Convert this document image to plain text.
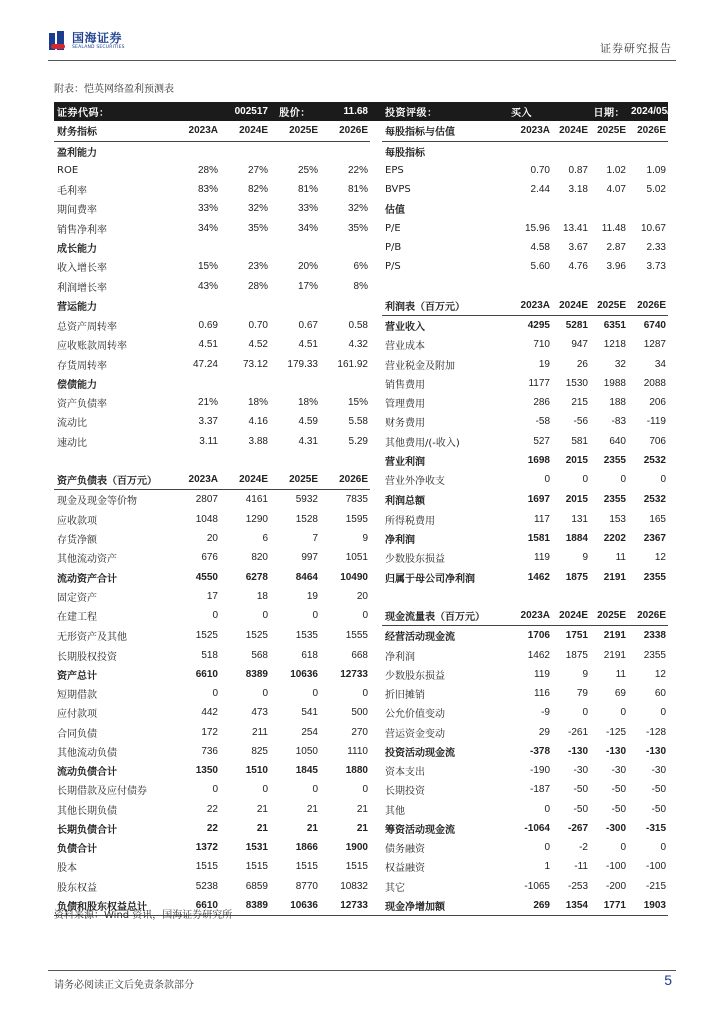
国海证券
SEALAND SECURITIES	证券研究报告
附表：恺英网络盈利预测表
证券代码：	002517		股价：	11.68		投资评级：	买入		日期：	2024/05/10
财务指标	2023A	2024E	2025E	2026E		每股指标与估值	2023A	2024E	2025E	2026E
盈利能力						每股指标				
ROE	28%	27%	25%	22%		EPS	0.70	0.87	1.02	1.09
毛利率	83%	82%	81%	81%		BVPS	2.44	3.18	4.07	5.02
期间费率	33%	32%	33%	32%		估值				
销售净利率	34%	35%	34%	35%		P/E	15.96	13.41	11.48	10.67
成长能力						P/B	4.58	3.67	2.87	2.33
收入增长率	15%	23%	20%	6%		P/S	5.60	4.76	3.96	3.73
利润增长率	43%	28%	17%	8%						
营运能力						利润表（百万元）	2023A	2024E	2025E	2026E
总资产周转率	0.69	0.70	0.67	0.58		营业收入	4295	5281	6351	6740
应收账款周转率	4.51	4.52	4.51	4.32		营业成本	710	947	1218	1287
存货周转率	47.24	73.12	179.33	161.92		营业税金及附加	19	26	32	34
偿债能力						销售费用	1177	1530	1988	2088
资产负债率	21%	18%	18%	15%		管理费用	286	215	188	206
流动比	3.37	4.16	4.59	5.58		财务费用	-58	-56	-83	-119
速动比	3.11	3.88	4.31	5.29		其他费用/(-收入)	527	581	640	706
						营业利润	1698	2015	2355	2532
资产负债表（百万元）	2023A	2024E	2025E	2026E		营业外净收支	0	0	0	0
现金及现金等价物	2807	4161	5932	7835		利润总额	1697	2015	2355	2532
应收款项	1048	1290	1528	1595		所得税费用	117	131	153	165
存货净额	20	6	7	9		净利润	1581	1884	2202	2367
其他流动资产	676	820	997	1051		少数股东损益	119	9	11	12
流动资产合计	4550	6278	8464	10490		归属于母公司净利润	1462	1875	2191	2355
固定资产	17	18	19	20						
在建工程	0	0	0	0		现金流量表（百万元）	2023A	2024E	2025E	2026E
无形资产及其他	1525	1525	1535	1555		经营活动现金流	1706	1751	2191	2338
长期股权投资	518	568	618	668		净利润	1462	1875	2191	2355
资产总计	6610	8389	10636	12733		少数股东损益	119	9	11	12
短期借款	0	0	0	0		折旧摊销	116	79	69	60
应付款项	442	473	541	500		公允价值变动	-9	0	0	0
合同负债	172	211	254	270		营运资金变动	29	-261	-125	-128
其他流动负债	736	825	1050	1110		投资活动现金流	-378	-130	-130	-130
流动负债合计	1350	1510	1845	1880		资本支出	-190	-30	-30	-30
长期借款及应付债券	0	0	0	0		长期投资	-187	-50	-50	-50
其他长期负债	22	21	21	21		其他	0	-50	-50	-50
长期负债合计	22	21	21	21		筹资活动现金流	-1064	-267	-300	-315
负债合计	1372	1531	1866	1900		债务融资	0	-2	0	0
股本	1515	1515	1515	1515		权益融资	1	-11	-100	-100
股东权益	5238	6859	8770	10832		其它	-1065	-253	-200	-215
负债和股东权益总计	6610	8389	10636	12733		现金净增加额	269	1354	1771	1903
资料来源：Wind 资讯，国海证券研究所
请务必阅读正文后免责条款部分	5
